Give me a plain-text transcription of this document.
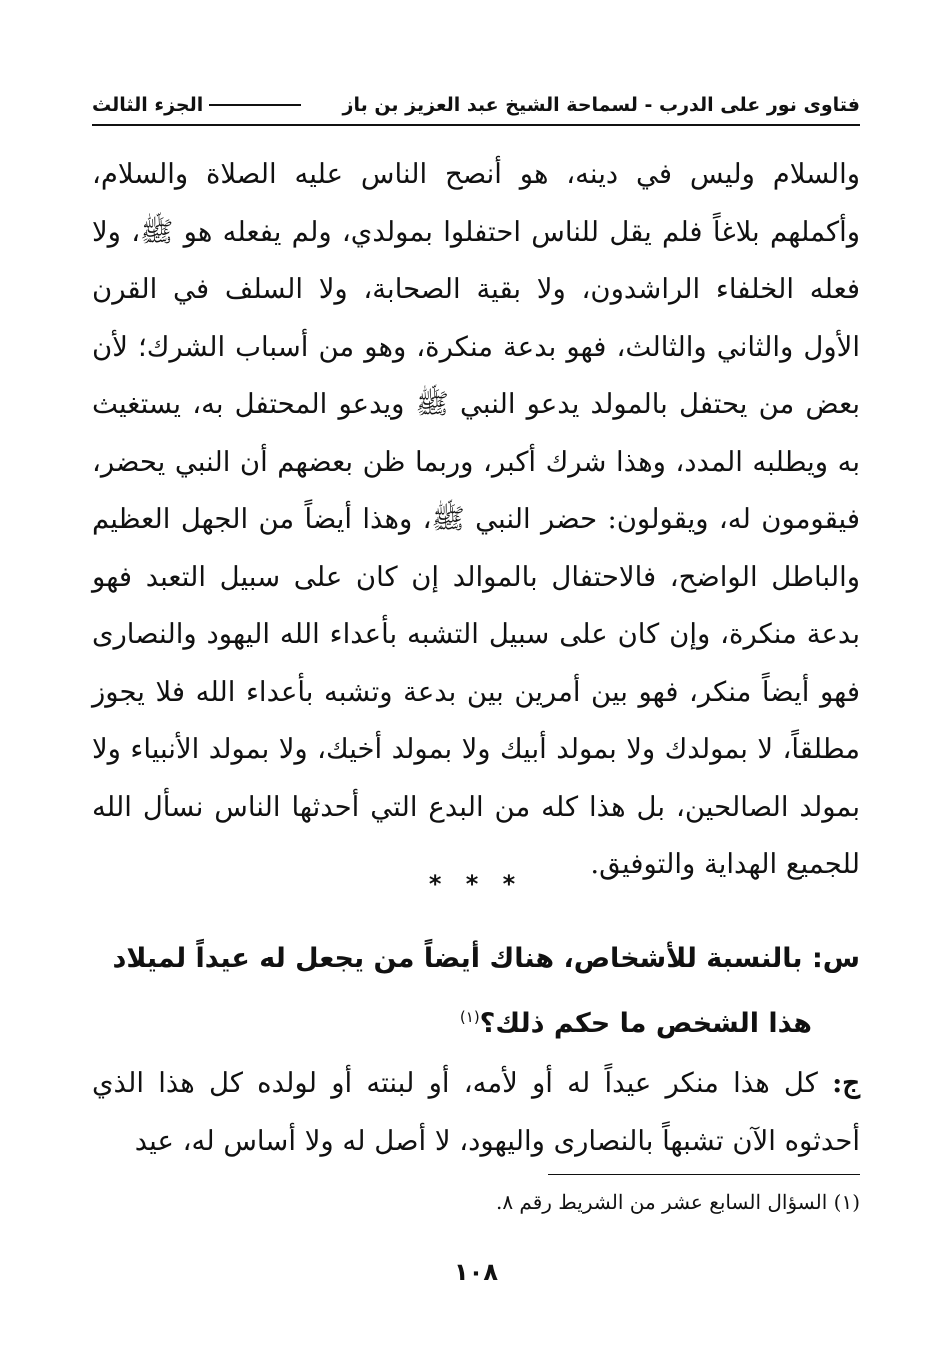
فتاوى نور على الدرب - لسماحة الشيخ عبد العزيز بن باز
الجزء الثالث

والسلام وليس في دينه، هو أنصح الناس عليه الصلاة والسلام، وأكملهم بلاغاً فلم يقل للناس احتفلوا بمولدي، ولم يفعله هو ﷺ، ولا فعله الخلفاء الراشدون، ولا بقية الصحابة، ولا السلف في القرن الأول والثاني والثالث، فهو بدعة منكرة، وهو من أسباب الشرك؛ لأن بعض من يحتفل بالمولد يدعو النبي ﷺ ويدعو المحتفل به، يستغيث به ويطلبه المدد، وهذا شرك أكبر، وربما ظن بعضهم أن النبي يحضر، فيقومون له، ويقولون: حضر النبي ﷺ، وهذا أيضاً من الجهل العظيم والباطل الواضح، فالاحتفال بالموالد إن كان على سبيل التعبد فهو بدعة منكرة، وإن كان على سبيل التشبه بأعداء الله اليهود والنصارى فهو أيضاً منكر، فهو بين أمرين بين بدعة وتشبه بأعداء الله فلا يجوز مطلقاً، لا بمولدك ولا بمولد أبيك ولا بمولد أخيك، ولا بمولد الأنبياء ولا بمولد الصالحين، بل هذا كله من البدع التي أحدثها الناس نسأل الله للجميع الهداية والتوفيق.

* * *
س: بالنسبة للأشخاص، هناك أيضاً من يجعل له عيداً لميلاد
هذا الشخص ما حكم ذلك؟$^{(١)}$

ج: كل هذا منكر عيداً له أو لأمه، أو لبنته أو لولده كل هذا الذي أحدثوه الآن تشبهاً بالنصارى واليهود، لا أصل له ولا أساس له، عيد

(١) السؤال السابع عشر من الشريط رقم ٨.
١٠٨
